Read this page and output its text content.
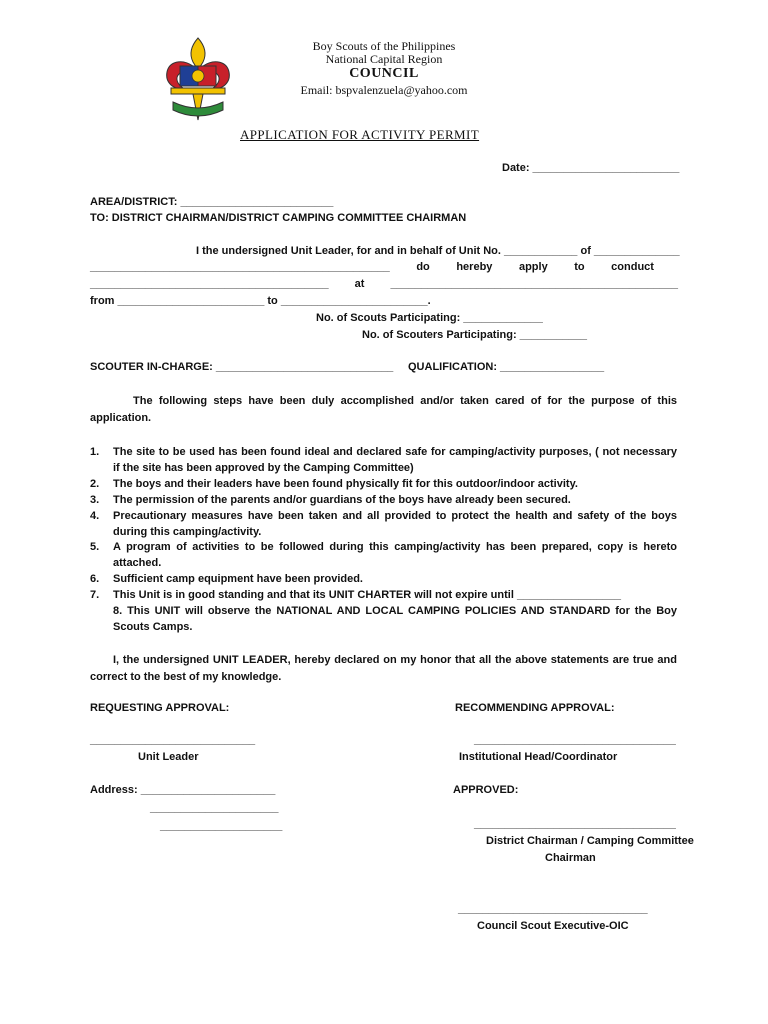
Boy Scouts of the Philippines
National Capital Region
COUNCIL
Email: bspvalenzuela@yahoo.com
APPLICATION FOR ACTIVITY PERMIT
Date: ________________________
AREA/DISTRICT: _________________________
TO: DISTRICT CHAIRMAN/DISTRICT CAMPING COMMITTEE CHAIRMAN
I the undersigned Unit Leader, for and in behalf of Unit No. ____________ of ______________
_________________________________________________ do hereby apply to conduct
_______________________________________ at _______________________________________________
from ________________________ to ________________________.
No. of Scouts Participating: _____________
No. of Scouters Participating: ___________
SCOUTER IN-CHARGE: _____________________________ QUALIFICATION: _________________
The following steps have been duly accomplished and/or taken cared of for the purpose of this application.
1. The site to be used has been found ideal and declared safe for camping/activity purposes, ( not necessary if the site has been approved by the Camping Committee)
2. The boys and their leaders have been found physically fit for this outdoor/indoor activity.
3. The permission of the parents and/or guardians of the boys have already been secured.
4. Precautionary measures have been taken and all provided to protect the health and safety of the boys during this camping/activity.
5. A program of activities to be followed during this camping/activity has been prepared, copy is hereto attached.
6. Sufficient camp equipment have been provided.
7. This Unit is in good standing and that its UNIT CHARTER will not expire until _________________
8. This UNIT will observe the NATIONAL AND LOCAL CAMPING POLICIES AND STANDARD for the Boy Scouts Camps.
I, the undersigned UNIT LEADER, hereby declared on my honor that all the above statements are true and correct to the best of my knowledge.
REQUESTING APPROVAL:	RECOMMENDING APPROVAL:
___________________________
Unit Leader
_________________________________
Institutional Head/Coordinator
Address: ______________________
_____________________
____________________
APPROVED:
_________________________________
District Chairman / Camping Committee
Chairman
_______________________________
Council Scout Executive-OIC
